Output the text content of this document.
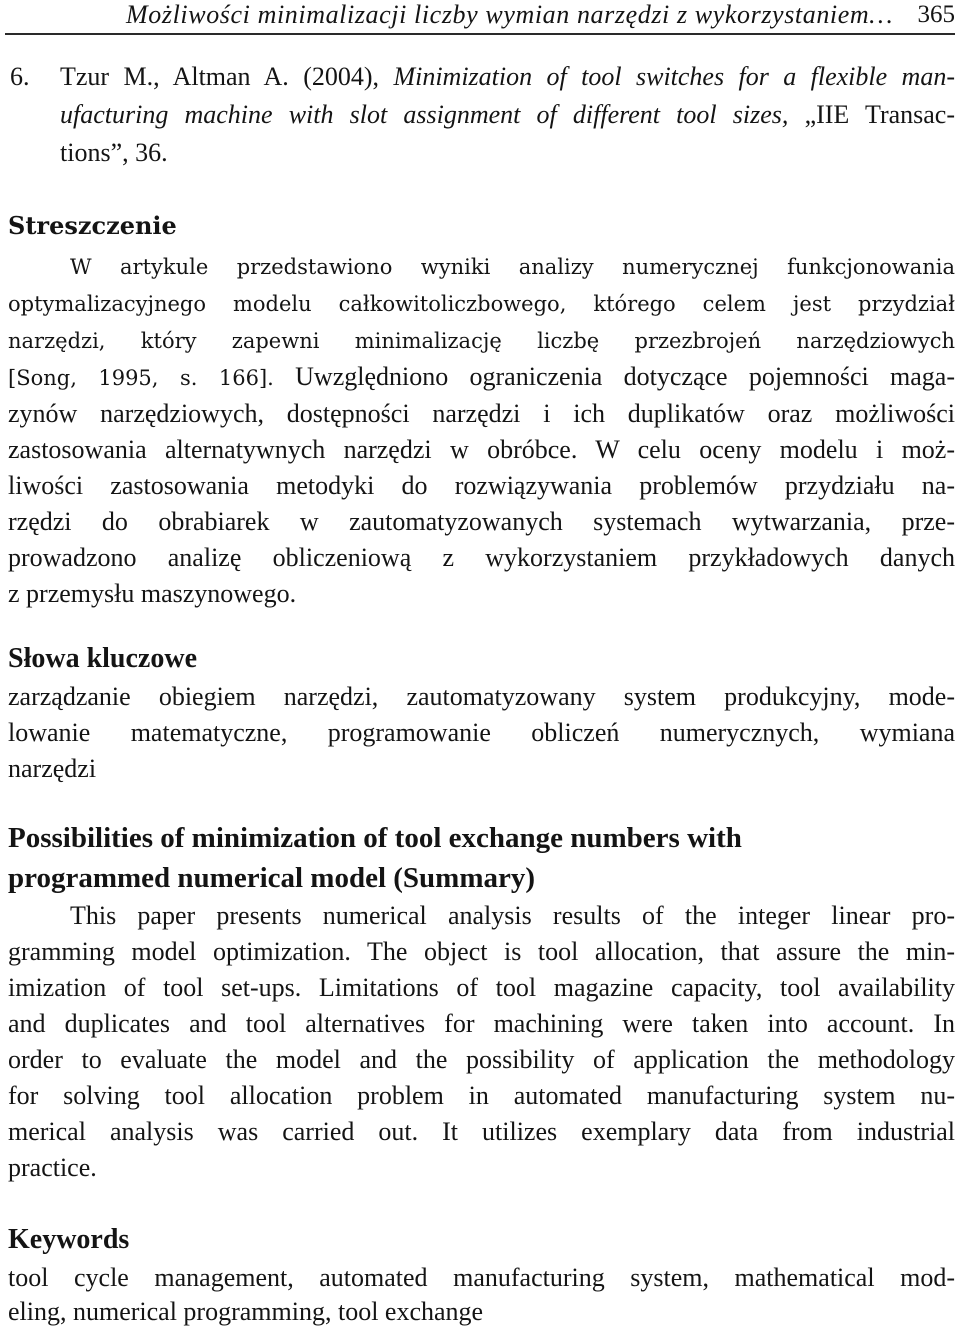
Możliwości minimalizacji liczby wymian narzędzi z wykorzystaniem… 365
6.	Tzur M., Altman A. (2004), Minimization of tool switches for a flexible man-
ufacturing machine with slot assignment of different tool sizes, „IIE Transac-
tions”, 36.
Streszczenie
W artykule przedstawiono wyniki analizy numerycznej funkcjonowania
optymalizacyjnego modelu całkowitoliczbowego, którego celem jest przydział
narzędzi, który zapewni minimalizację liczbę przezbrojeń narzędziowych
[Song, 1995, s. 166]. Uwzględniono ograniczenia dotyczące pojemności maga-
zynów narzędziowych, dostępności narzędzi i ich duplikatów oraz możliwości
zastosowania alternatywnych narzędzi w obróbce. W celu oceny modelu i moż-
liwości zastosowania metodyki do rozwiązywania problemów przydziału na-
rzędzi do obrabiarek w zautomatyzowanych systemach wytwarzania, prze-
prowadzono analizę obliczeniową z wykorzystaniem przykładowych danych
z przemysłu maszynowego.
Słowa kluczowe
zarządzanie obiegiem narzędzi, zautomatyzowany system produkcyjny, mode-
lowanie matematyczne, programowanie obliczeń numerycznych, wymiana
narzędzi
Possibilities of minimization of tool exchange numbers with
programmed numerical model (Summary)
This paper presents numerical analysis results of the integer linear pro-
gramming model optimization. The object is tool allocation, that assure the min-
imization of tool set-ups. Limitations of tool magazine capacity, tool availability
and duplicates and tool alternatives for machining were taken into account. In
order to evaluate the model and the possibility of application the methodology
for solving tool allocation problem in automated manufacturing system nu-
merical analysis was carried out. It utilizes exemplary data from industrial
practice.
Keywords
tool cycle management, automated manufacturing system, mathematical mod-
eling, numerical programming, tool exchange
